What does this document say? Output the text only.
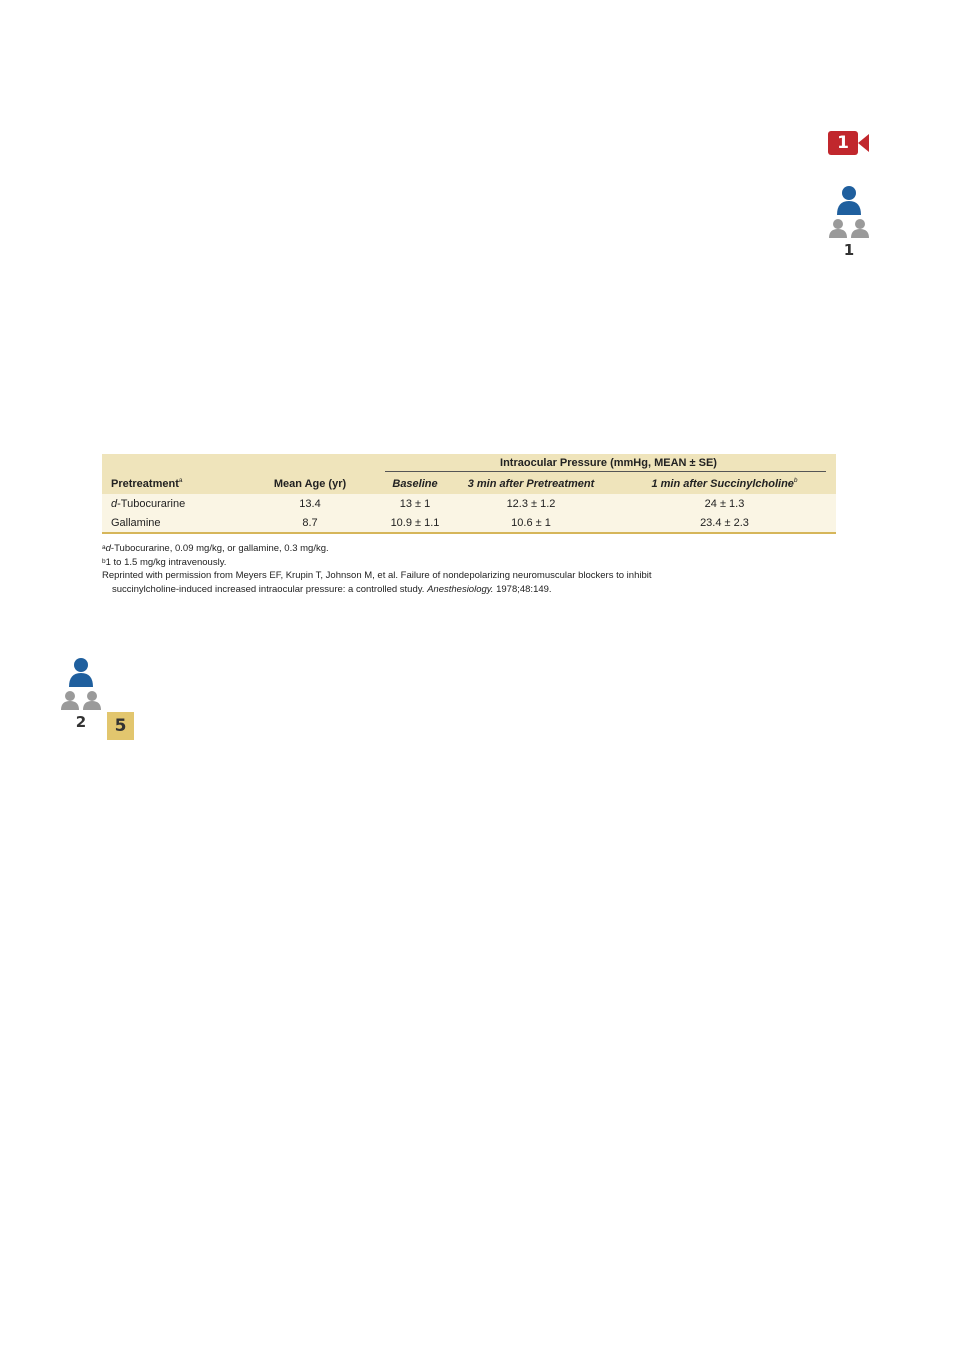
1
1
		Intraocular Pressure (mmHg, MEAN ± SE)		

Pretreatment$^a$	Mean Age (yr)	Baseline	3 min after Pretreatment	1 min after Succinylcholine$^b$
d-Tubocurarine	13.4	13 ± 1	12.3 ± 1.2	24 ± 1.3
Gallamine	8.7	10.9 ± 1.1	10.6 ± 1	23.4 ± 2.3
$^a$d-Tubocurarine, 0.09 mg/kg, or gallamine, 0.3 mg/kg.
$^b$1 to 1.5 mg/kg intravenously.
Reprinted with permission from Meyers EF, Krupin T, Johnson M, et al. Failure of nondepolarizing neuromuscular blockers to inhibit
succinylcholine-induced increased intraocular pressure: a controlled study. Anesthesiology. 1978;48:149.
2	5
